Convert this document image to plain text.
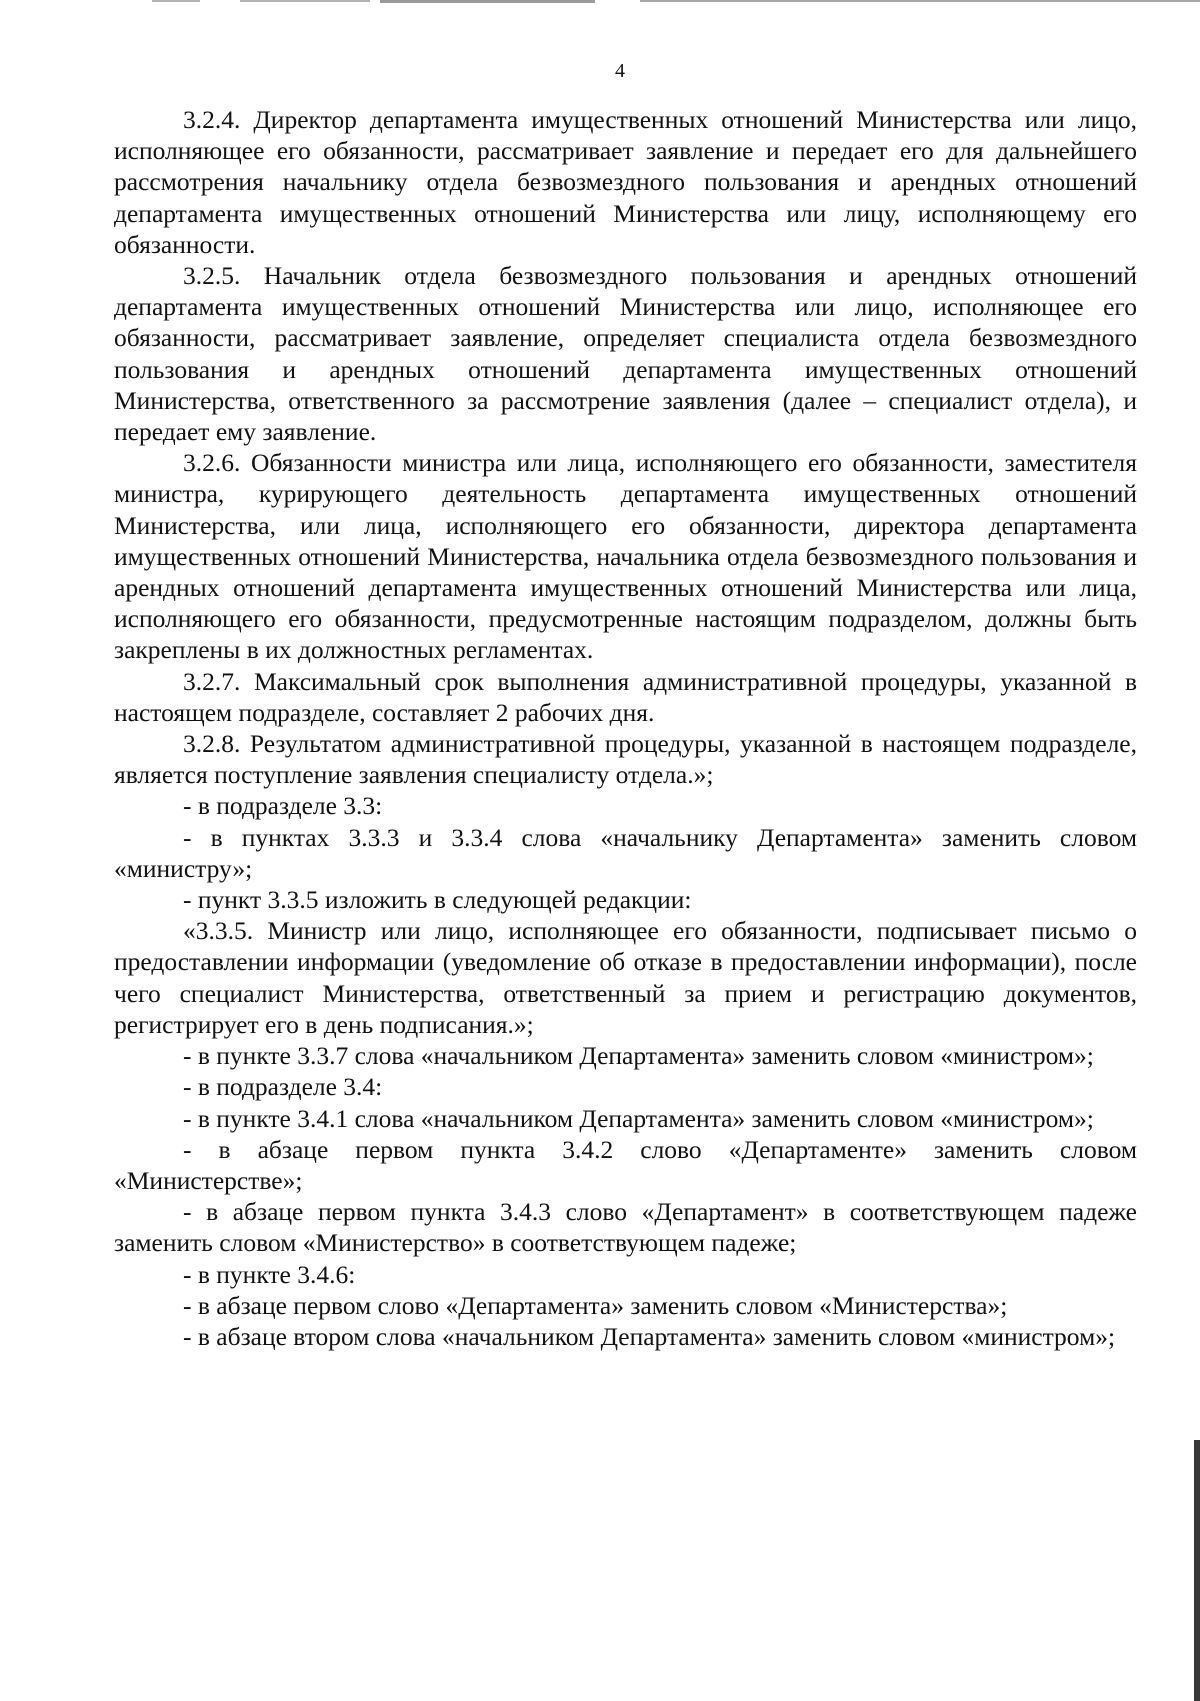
4

3.2.4. Директор департамента имущественных отношений Министерства или лицо, исполняющее его обязанности, рассматривает заявление и передает его для дальнейшего рассмотрения начальнику отдела безвозмездного пользования и арендных отношений департамента имущественных отношений Министерства или лицу, исполняющему его обязанности.

3.2.5. Начальник отдела безвозмездного пользования и арендных отношений департамента имущественных отношений Министерства или лицо, исполняющее его обязанности, рассматривает заявление, определяет специалиста отдела безвозмездного пользования и арендных отношений департамента имущественных отношений Министерства, ответственного за рассмотрение заявления (далее – специалист отдела), и передает ему заявление.

3.2.6. Обязанности министра или лица, исполняющего его обязанности, заместителя министра, курирующего деятельность департамента имущественных отношений Министерства, или лица, исполняющего его обязанности, директора департамента имущественных отношений Министерства, начальника отдела безвозмездного пользования и арендных отношений департамента имущественных отношений Министерства или лица, исполняющего его обязанности, предусмотренные настоящим подразделом, должны быть закреплены в их должностных регламентах.

3.2.7. Максимальный срок выполнения административной процедуры, указанной в настоящем подразделе, составляет 2 рабочих дня.

3.2.8. Результатом административной процедуры, указанной в настоящем подразделе, является поступление заявления специалисту отдела.»;

- в подразделе 3.3:

- в пунктах 3.3.3 и 3.3.4 слова «начальнику Департамента» заменить словом «министру»;

- пункт 3.3.5 изложить в следующей редакции:

«3.3.5. Министр или лицо, исполняющее его обязанности, подписывает письмо о предоставлении информации (уведомление об отказе в предоставлении информации), после чего специалист Министерства, ответственный за прием и регистрацию документов, регистрирует его в день подписания.»;

- в пункте 3.3.7 слова «начальником Департамента» заменить словом «министром»;

- в подразделе 3.4:

- в пункте 3.4.1 слова «начальником Департамента» заменить словом «министром»;

- в абзаце первом пункта 3.4.2 слово «Департаменте» заменить словом «Министерстве»;

- в абзаце первом пункта 3.4.3 слово «Департамент» в соответствующем падеже заменить словом «Министерство» в соответствующем падеже;

- в пункте 3.4.6:

- в абзаце первом слово «Департамента» заменить словом «Министерства»;

- в абзаце втором слова «начальником Департамента» заменить словом «министром»;
